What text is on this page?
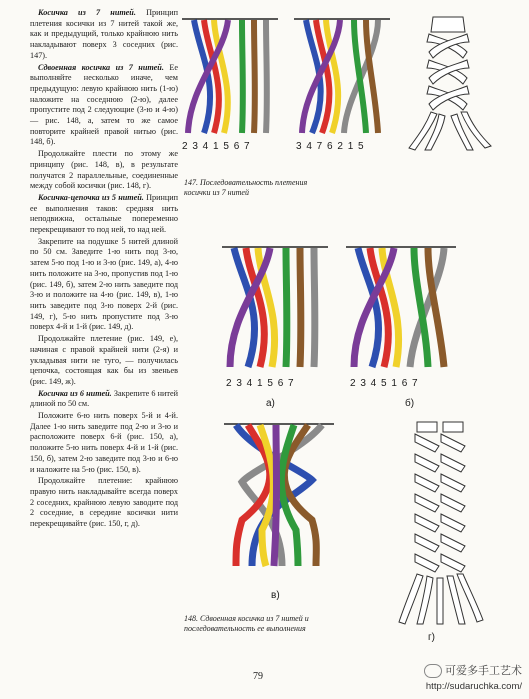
Косичка из 7 нитей. Принцип плетения косички из 7 нитей такой же, как и предыдущий, только крайнюю нить накладывают поверх 3 соседних (рис. 147).

Сдвоенная косичка из 7 нитей. Ее выполняйте несколько иначе, чем предыдущую: левую крайнюю нить (1-ю) наложите на соседнюю (2-ю), далее пропустите под 2 следующие (3-ю и 4-ю) — рис. 148, а, затем то же самое повторите крайней правой нитью (рис. 148, б).

Продолжайте плести по этому же принципу (рис. 148, в), в результате получатся 2 параллельные, соединенные между собой косички (рис. 148, г).

Косичка-цепочка из 5 нитей. Принцип ее выполнения таков: средняя нить неподвижна, остальные попеременно перекрещивают то под ней, то над ней.

Закрепите на подушке 5 нитей длиной по 50 см. Заведите 1-ю нить под 3-ю, затем 5-ю под 1-ю и 3-ю (рис. 149, а), 4-ю нить положите на 3-ю, пропустив под 1-ю (рис. 149, б), затем 2-ю нить заведите под 3-ю и положите на 4-ю (рис. 149, в), 1-ю нить заведите под 3-ю поверх 2-й (рис. 149, г), 5-ю нить пропустите под 3-ю поверх 4-й и 1-й (рис. 149, д).

Продолжайте плетение (рис. 149, е), начиная с правой крайней нити (2-я) и укладывая нити не тугo, — получилась цепочка, состоящая как бы из звеньев (рис. 149, ж).

Косичка из 6 нитей. Закрепите 6 нитей длиной по 50 см.

Положите 6-ю нить поверх 5-й и 4-й. Далее 1-ю нить заведите под 2-ю и 3-ю и расположите поверх 6-й (рис. 150, а), положите 5-ю нить поверх 4-й и 1-й (рис. 150, б), затем 2-ю заведите под 3-ю и 6-ю и наложите на 5-ю (рис. 150, в).

Продолжайте плетение: крайнюю правую нить накладывайте всегда поверх 2 соседних, крайнюю левую заводите под 2 соседние, в середине косички нити перекрещивайте (рис. 150, г, д).

2 3 4 1 5 6 7	3 4 7 6 2 1 5
147. Последовательность плетения косички из 7 нитей
2 3 4 1 5 6 7
а)
2 3 4 5 1 6 7
б)
в)
г)
148. Сдвоенная косичка из 7 нитей и последовательность ее выполнения
79	可爱多手工艺术
http://sudaruchka.com/
